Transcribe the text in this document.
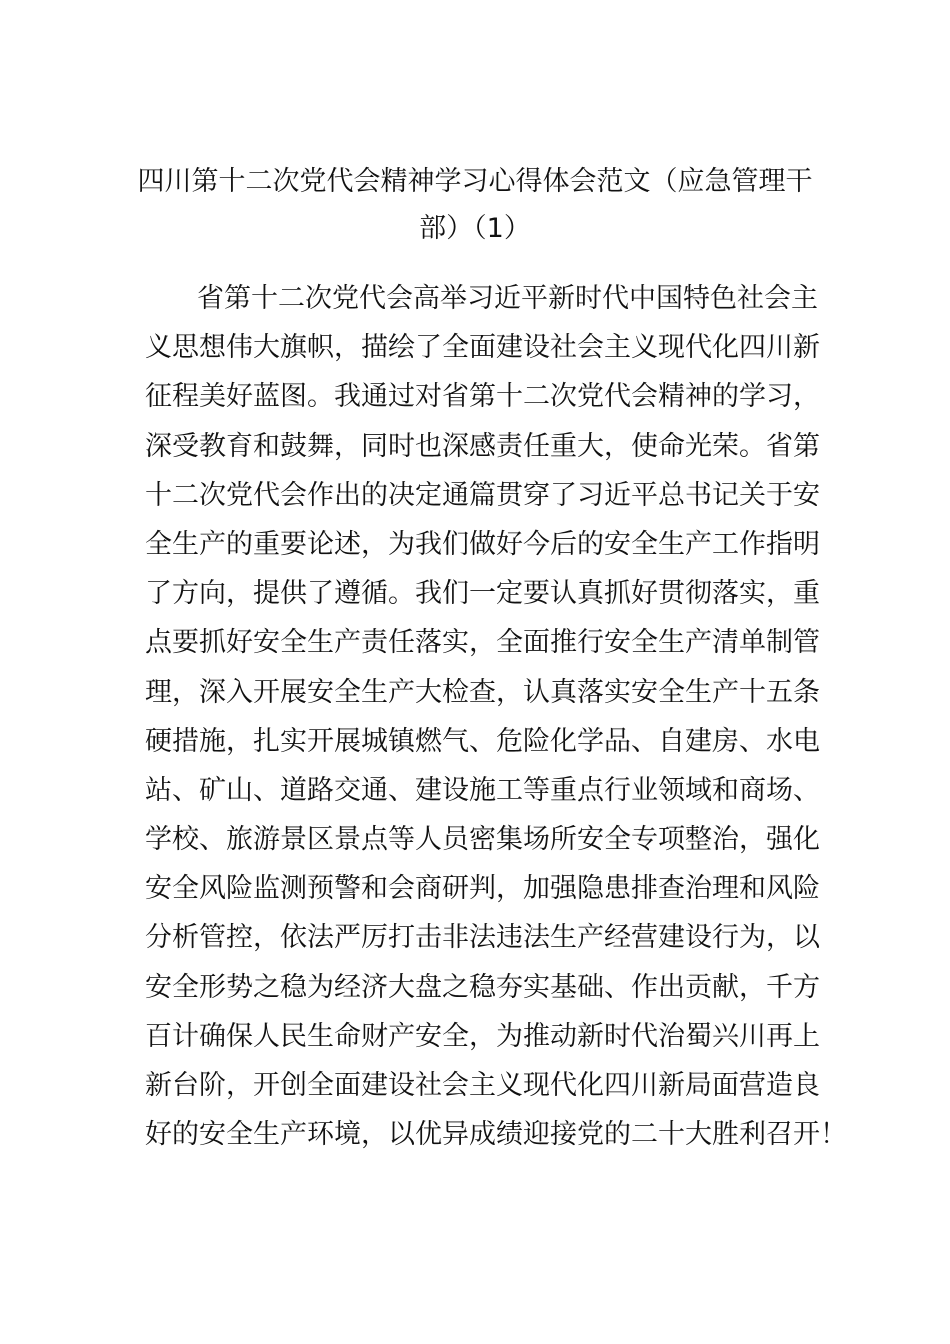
四川第十二次党代会精神学习心得体会范文（应急管理干
部）（1）
省第十二次党代会高举习近平新时代中国特色社会主
义思想伟大旗帜，描绘了全面建设社会主义现代化四川新
征程美好蓝图。我通过对省第十二次党代会精神的学习，
深受教育和鼓舞，同时也深感责任重大，使命光荣。省第
十二次党代会作出的决定通篇贯穿了习近平总书记关于安
全生产的重要论述，为我们做好今后的安全生产工作指明
了方向，提供了遵循。我们一定要认真抓好贯彻落实，重
点要抓好安全生产责任落实，全面推行安全生产清单制管
理，深入开展安全生产大检查，认真落实安全生产十五条
硬措施，扎实开展城镇燃气、危险化学品、自建房、水电
站、矿山、道路交通、建设施工等重点行业领域和商场、
学校、旅游景区景点等人员密集场所安全专项整治，强化
安全风险监测预警和会商研判，加强隐患排查治理和风险
分析管控，依法严厉打击非法违法生产经营建设行为，以
安全形势之稳为经济大盘之稳夯实基础、作出贡献，千方
百计确保人民生命财产安全，为推动新时代治蜀兴川再上
新台阶，开创全面建设社会主义现代化四川新局面营造良
好的安全生产环境，以优异成绩迎接党的二十大胜利召开！
